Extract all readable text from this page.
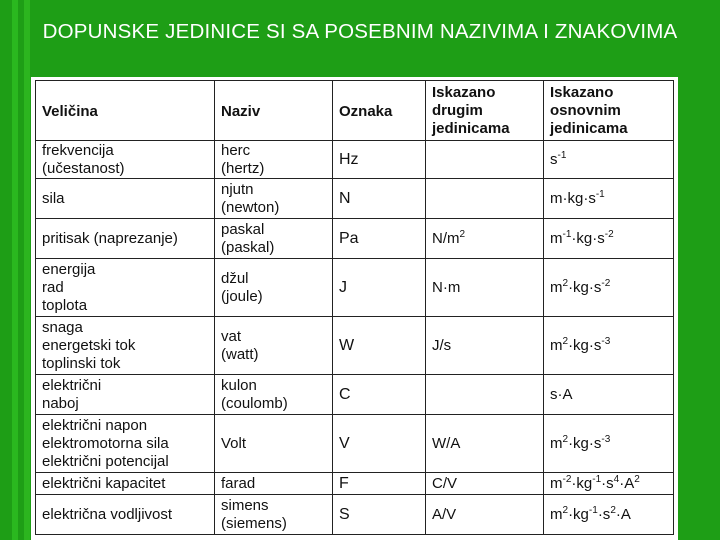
DOPUNSKE JEDINICE SI SA POSEBNIM NAZIVIMA I ZNAKOVIMA
Veličina	Naziv	Oznaka	Iskazano
drugim
jedinicama	Iskazano
osnovnim
jedinicama

frekvencija
(učestanost)	herc
(hertz)	Hz		$s^{-1}$

sila	njutn
(newton)	N		$m\cdot kg\cdot s^{-1}$

pritisak (naprezanje)	paskal
(paskal)	Pa	$N/m^2$	$m^{-1}\cdot kg\cdot s^{-2}$

energija
rad
toplota	džul
(joule)	J	N·m	$m^2\cdot kg\cdot s^{-2}$

snaga
energetski tok
toplinski tok	vat
(watt)	W	J/s	$m^2\cdot kg\cdot s^{-3}$

električni
naboj	kulon
(coulomb)	C		s·A

električni napon
elektromotorna sila
električni potencijal	Volt	V	W/A	$m^2\cdot kg\cdot s^{-3}$

električni kapacitet	farad	F	C/V	$m^{-2}\cdot kg^{-1}\cdot s^4\cdot A^2$

električna vodljivost	simens
(siemens)	S	A/V	$m^2\cdot kg^{-1}\cdot s^2\cdot A$
